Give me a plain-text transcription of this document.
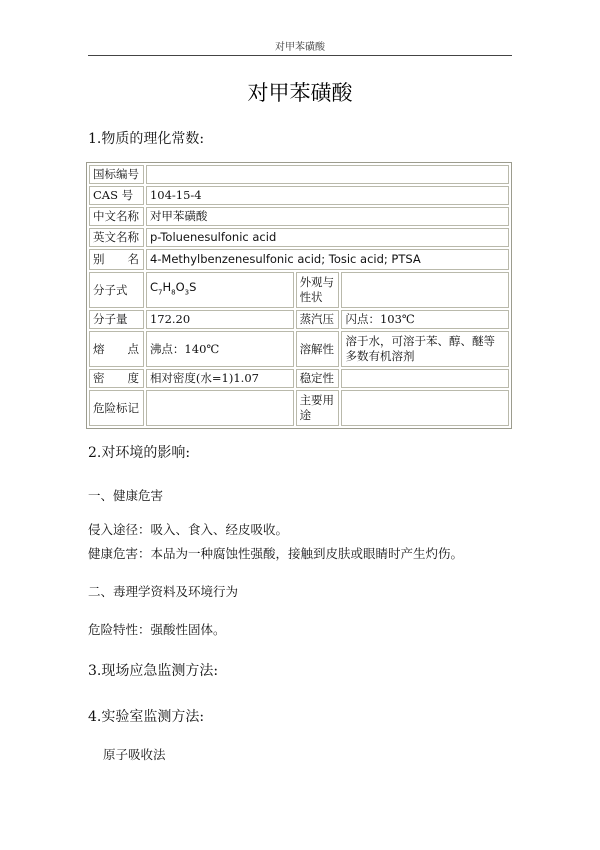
对甲苯磺酸
对甲苯磺酸
1.物质的理化常数:
国标编号			
CAS 号	104-15-4		
中文名称	对甲苯磺酸		
英文名称	p-Toluenesulfonic acid		
别   名	4-Methylbenzenesulfonic acid; Tosic acid; PTSA		
分子式	$C_7H_8O_3S$	外观与性状	
分子量	172.20	蒸汽压	闪点：103℃
熔   点	沸点：140℃	溶解性	溶于水，可溶于苯、醇、醚等多数有机溶剂
密   度	相对密度(水=1)1.07	稳定性	
危险标记		主要用途	
2.对环境的影响:
一、健康危害
侵入途径：吸入、食入、经皮吸收。
健康危害：本品为一种腐蚀性强酸，接触到皮肤或眼睛时产生灼伤。
二、毒理学资料及环境行为
危险特性：强酸性固体。
3.现场应急监测方法:
4.实验室监测方法:
原子吸收法
